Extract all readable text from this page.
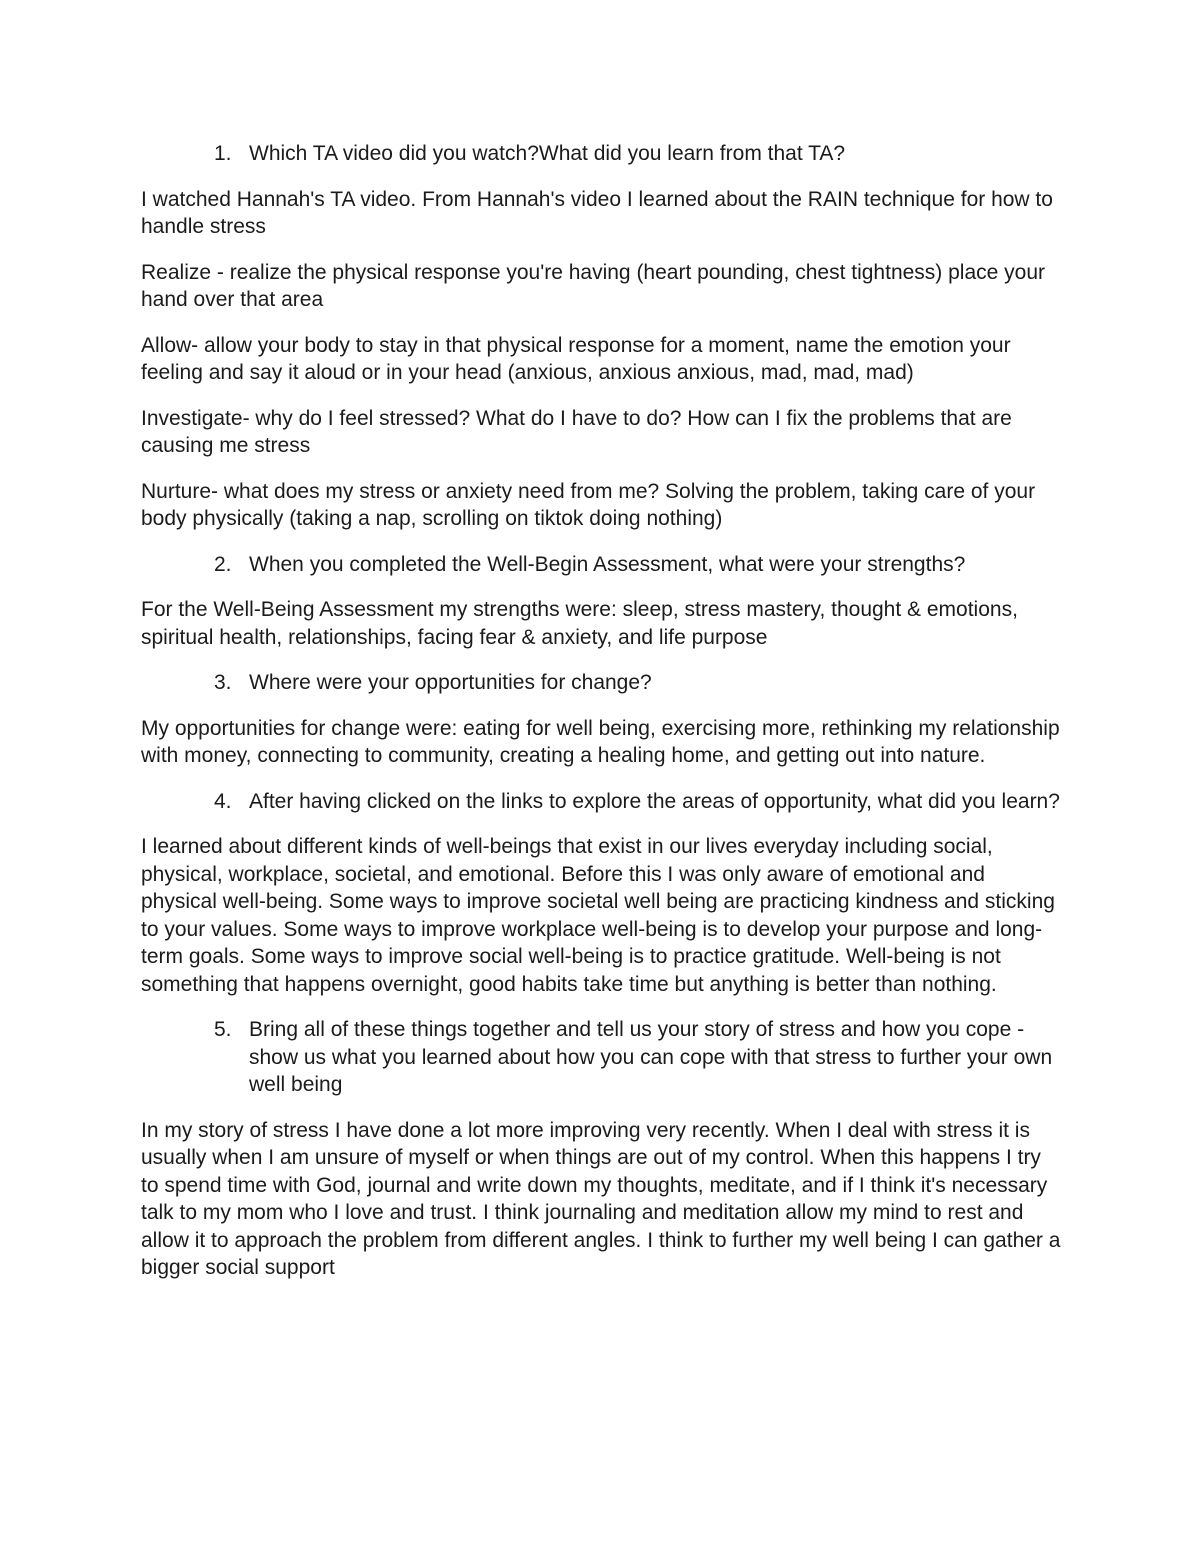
1. Which TA video did you watch?What did you learn from that TA?

I watched Hannah's TA video. From Hannah's video I learned about the RAIN technique for how to handle stress

Realize - realize the physical response you're having (heart pounding, chest tightness) place your hand over that area

Allow- allow your body to stay in that physical response for a moment, name the emotion your feeling and say it aloud or in your head (anxious, anxious anxious, mad, mad, mad)

Investigate- why do I feel stressed? What do I have to do? How can I fix the problems that are causing me stress

Nurture- what does my stress or anxiety need from me? Solving the problem, taking care of your body physically (taking a nap, scrolling on tiktok doing nothing)

2. When you completed the Well-Begin Assessment, what were your strengths?

For the Well-Being Assessment my strengths were: sleep, stress mastery, thought & emotions, spiritual health, relationships, facing fear & anxiety, and life purpose

3. Where were your opportunities for change?

My opportunities for change were: eating for well being, exercising more, rethinking my relationship with money, connecting to community, creating a healing home, and getting out into nature.

4. After having clicked on the links to explore the areas of opportunity, what did you learn?

I learned about different kinds of well-beings that exist in our lives everyday including social, physical, workplace, societal, and emotional. Before this I was only aware of emotional and physical well-being. Some ways to improve societal well being are practicing kindness and sticking to your values. Some ways to improve workplace well-being is to develop your purpose and long-term goals. Some ways to improve social well-being is to practice gratitude. Well-being is not something that happens overnight, good habits take time but anything is better than nothing.

5. Bring all of these things together and tell us your story of stress and how you cope - show us what you learned about how you can cope with that stress to further your own well being

In my story of stress I have done a lot more improving very recently. When I deal with stress it is usually when I am unsure of myself or when things are out of my control. When this happens I try to spend time with God, journal and write down my thoughts, meditate, and if I think it's necessary talk to my mom who I love and trust. I think journaling and meditation allow my mind to rest and allow it to approach the problem from different angles. I think to further my well being I can gather a bigger social support
